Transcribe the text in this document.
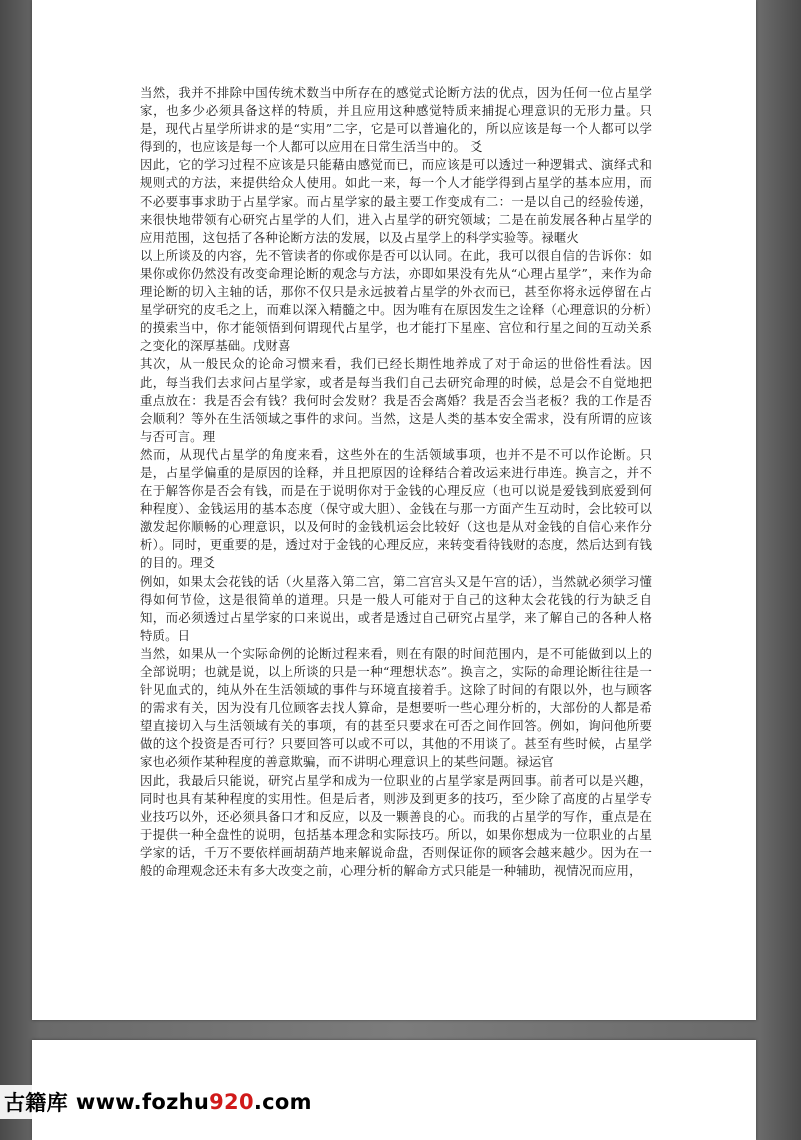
当然，我并不排除中国传统术数当中所存在的感觉式论断方法的优点，因为任何一位占星学家，也多少必须具备这样的特质，并且应用这种感觉特质来捕捉心理意识的无形力量。只是，现代占星学所讲求的是“实用”二字，它是可以普遍化的，所以应该是每一个人都可以学得到的，也应该是每一个人都可以应用在日常生活当中的。 爻

因此，它的学习过程不应该是只能藉由感觉而已，而应该是可以透过一种逻辑式、演绎式和规则式的方法，来提供给众人使用。如此一来，每一个人才能学得到占星学的基本应用，而不必要事事求助于占星学家。而占星学家的最主要工作变成有二：一是以自己的经验传递，来很快地带领有心研究占星学的人们，进入占星学的研究领域；二是在前发展各种占星学的应用范围，这包括了各种论断方法的发展，以及占星学上的科学实验等。禄暱火

以上所谈及的内容，先不管读者的你或你是否可以认同。在此，我可以很自信的告诉你：如果你或你仍然没有改变命理论断的观念与方法，亦即如果没有先从“心理占星学”，来作为命理论断的切入主轴的话，那你不仅只是永远披着占星学的外衣而已，甚至你将永远停留在占星学研究的皮毛之上，而难以深入精髓之中。因为唯有在原因发生之诠释（心理意识的分析）的摸索当中，你才能领悟到何谓现代占星学，也才能打下星座、宫位和行星之间的互动关系之变化的深厚基础。戊财喜

其次，从一般民众的论命习惯来看，我们已经长期性地养成了对于命运的世俗性看法。因此，每当我们去求问占星学家，或者是每当我们自己去研究命理的时候，总是会不自觉地把重点放在：我是否会有钱？我何时会发财？我是否会离婚？我是否会当老板？我的工作是否会顺利？等外在生活领域之事件的求问。当然，这是人类的基本安全需求，没有所谓的应该与否可言。理

然而，从现代占星学的角度来看，这些外在的生活领域事项，也并不是不可以作论断。只是，占星学偏重的是原因的诠释，并且把原因的诠释结合着改运来进行串连。换言之，并不在于解答你是否会有钱，而是在于说明你对于金钱的心理反应（也可以说是爱钱到底爱到何种程度）、金钱运用的基本态度（保守或大胆）、金钱在与那一方面产生互动时，会比较可以激发起你顺畅的心理意识，以及何时的金钱机运会比较好（这也是从对金钱的自信心来作分析）。同时，更重要的是，透过对于金钱的心理反应，来转变看待钱财的态度，然后达到有钱的目的。理爻

例如，如果太会花钱的话（火星落入第二宫，第二宫宫头又是午宫的话），当然就必须学习懂得如何节俭，这是很简单的道理。只是一般人可能对于自己的这种太会花钱的行为缺乏自知，而必须透过占星学家的口来说出，或者是透过自己研究占星学，来了解自己的各种人格特质。日

当然，如果从一个实际命例的论断过程来看，则在有限的时间范围内，是不可能做到以上的全部说明；也就是说，以上所谈的只是一种“理想状态”。换言之，实际的命理论断往往是一针见血式的，纯从外在生活领域的事件与环境直接着手。这除了时间的有限以外，也与顾客的需求有关，因为没有几位顾客去找人算命，是想要听一些心理分析的，大部份的人都是希望直接切入与生活领域有关的事项，有的甚至只要求在可否之间作回答。例如，询问他所要做的这个投资是否可行？只要回答可以或不可以，其他的不用谈了。甚至有些时候，占星学家也必须作某种程度的善意欺骗，而不讲明心理意识上的某些问题。禄运官

因此，我最后只能说，研究占星学和成为一位职业的占星学家是两回事。前者可以是兴趣，同时也具有某种程度的实用性。但是后者，则涉及到更多的技巧，至少除了高度的占星学专业技巧以外，还必须具备口才和反应，以及一颗善良的心。而我的占星学的写作，重点是在于提供一种全盘性的说明，包括基本理念和实际技巧。所以，如果你想成为一位职业的占星学家的话，千万不要依样画胡葫芦地来解说命盘，否则保证你的顾客会越来越少。因为在一般的命理观念还未有多大改变之前，心理分析的解命方式只能是一种辅助，视情况而应用，

古籍库 www.fozhu 920 .com
